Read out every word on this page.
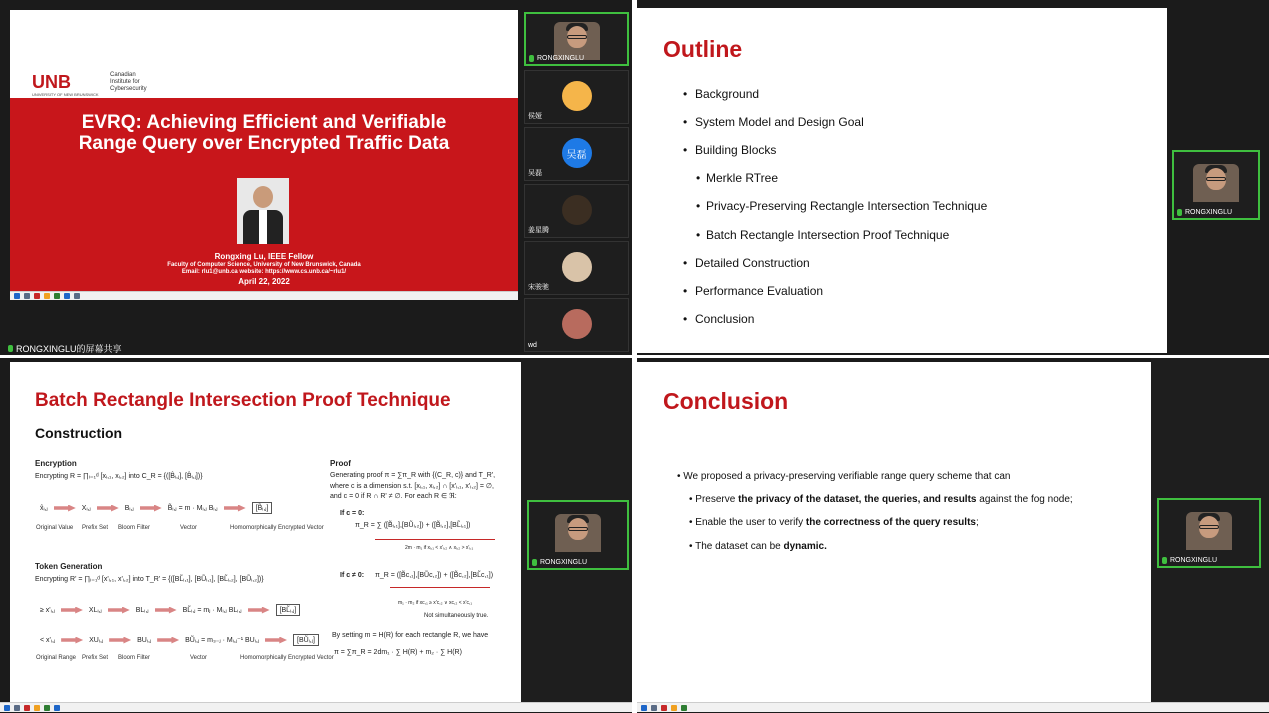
UNB
UNIVERSITY OF NEW BRUNSWICK
Canadian
Institute for
Cybersecurity
EVRQ: Achieving Efficient and Verifiable
Range Query over Encrypted Traffic Data
Rongxing Lu, IEEE Fellow
Faculty of Computer Science, University of New Brunswick, Canada
Email: rlu1@unb.ca website: https://www.cs.unb.ca/~rlu1/
April 22, 2022
RONGXINGLU的屏幕共享
RONGXINGLU
侯娅
吴磊
吴磊
姜星腾
宋骏驰
wd
Outline
• Background
• System Model and Design Goal
• Building Blocks
• Merkle RTree
• Privacy-Preserving Rectangle Intersection Technique
• Batch Rectangle Intersection Proof Technique
• Detailed Construction
• Performance Evaluation
• Conclusion
RONGXINGLU
Batch Rectangle Intersection Proof Technique
Construction
Encryption
Encrypting R = ∏ᵢ₌₁ᵈ [xᵢ,₁, xᵢ,₂] into C_R = {([B̂ᵢ,ⱼ], [B̂ᵢ,ⱼ])}
x̂ᵢ,ⱼ	Xᵢ,ⱼ	Bᵢ,ⱼ	B̃ᵢ,ⱼ = m · Mᵢ,ⱼ Bᵢ,ⱼ	[B̃ᵢ,ⱼ]
Original Value Prefix Set Bloom Filter	Vector	Homomorphically Encrypted Vector
Token Generation
Encrypting R' = ∏ᵢ₌₁ᵈ [x'ᵢ,₁, x'ᵢ,₂] into T_R' = {([BL̃ᵢ,₁], [BŨᵢ,₁], [BL̃ᵢ,₂], [BŨᵢ,₂])}
≥ x'ᵢ,ⱼ	XLᵢ,ⱼ	BLᵢ,ⱼ	BL̃ᵢ,ⱼ = mⱼ · Mᵢ,ⱼ BLᵢ,ⱼ	[BL̃ᵢ,ⱼ]
< x'ᵢ,ⱼ	XUᵢ,ⱼ	BUᵢ,ⱼ	BŨᵢ,ⱼ = m₃₋ⱼ · Mᵢ,ⱼ⁻¹ BUᵢ,ⱼ	[BŨᵢ,ⱼ]
Original Range Prefix Set Bloom Filter	Vector	Homomorphically Encrypted Vector
Proof
Generating proof π = ∑π_R with {(C_R, c)} and T_R',
where c is a dimension s.t. [xᵢ,₁, xᵢ,₂] ∩ [x'ᵢ,₁, x'ᵢ,₂] = ∅,
and c = 0 if R ∩ R' ≠ ∅. For each R ∈ ℜ:
If c = 0:
π_R = ∑ ([B̃ᵢ,₁],[BŨᵢ,₂]) + ([B̃ᵢ,₂],[BL̃ᵢ,₁])
2m · m₁ if xᵢ,₁ < x'ᵢ,₂ ∧ xᵢ,₂ > x'ᵢ,₁
If c ≠ 0: π_R = ([B̃c,₁],[BŨc,₂]) + ([B̃c,₂],[BL̃c,₁])
m₁ · m₂ if xc,₁ ≥ x'c,₂ ∨ xc,₂ < x'c,₁
Not simultaneously true.
By setting m = H(R) for each rectangle R, we have
π = ∑π_R = 2dm₁ · ∑ H(R) + m₂ · ∑ H(R)
Conclusion
• We proposed a privacy-preserving verifiable range query scheme that can
• Preserve the privacy of the dataset, the queries, and results against the fog node;
• Enable the user to verify the correctness of the query results;
• The dataset can be dynamic.
RONGXINGLU
RONGXINGLU
